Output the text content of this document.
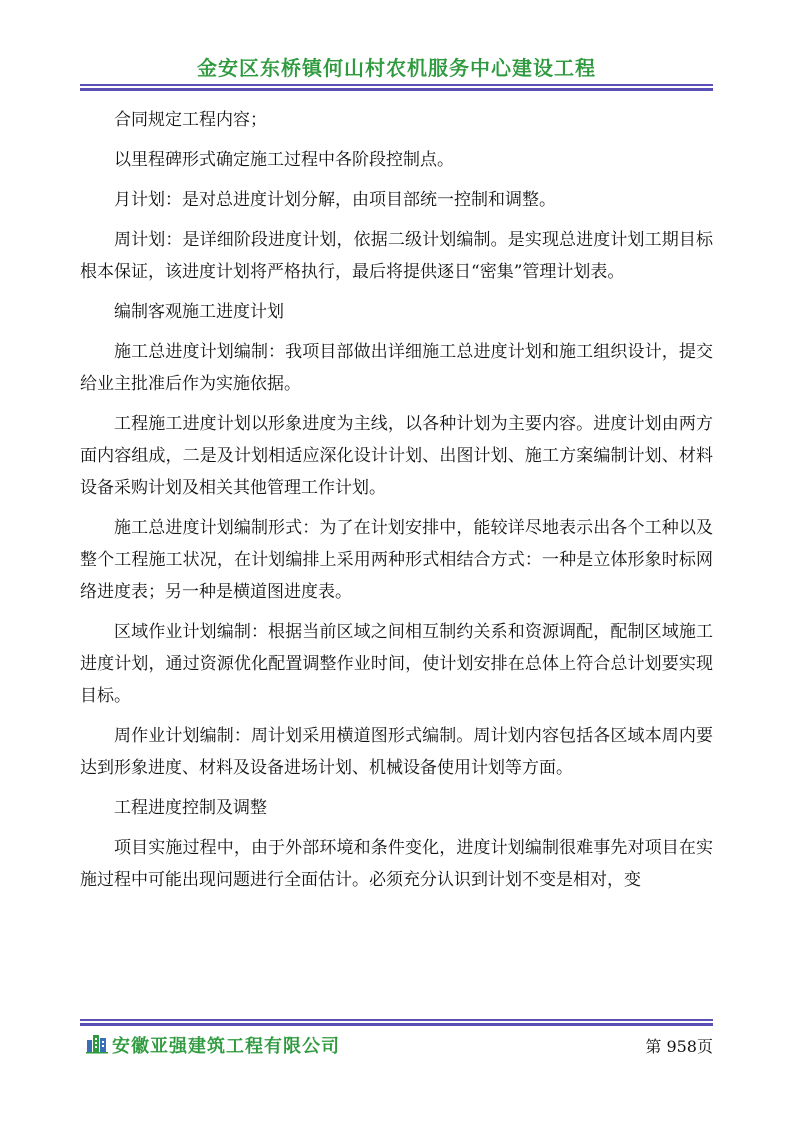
金安区东桥镇何山村农机服务中心建设工程

合同规定工程内容；

以里程碑形式确定施工过程中各阶段控制点。

月计划：是对总进度计划分解，由项目部统一控制和调整。

周计划：是详细阶段进度计划，依据二级计划编制。是实现总进度计划工期目标根本保证，该进度计划将严格执行，最后将提供逐日“密集”管理计划表。

编制客观施工进度计划

施工总进度计划编制：我项目部做出详细施工总进度计划和施工组织设计，提交给业主批准后作为实施依据。

工程施工进度计划以形象进度为主线，以各种计划为主要内容。进度计划由两方面内容组成，二是及计划相适应深化设计计划、出图计划、施工方案编制计划、材料设备采购计划及相关其他管理工作计划。

施工总进度计划编制形式：为了在计划安排中，能较详尽地表示出各个工种以及整个工程施工状况，在计划编排上采用两种形式相结合方式：一种是立体形象时标网络进度表；另一种是横道图进度表。

区域作业计划编制：根据当前区域之间相互制约关系和资源调配，配制区域施工进度计划，通过资源优化配置调整作业时间，使计划安排在总体上符合总计划要实现目标。

周作业计划编制：周计划采用横道图形式编制。周计划内容包括各区域本周内要达到形象进度、材料及设备进场计划、机械设备使用计划等方面。

工程进度控制及调整

项目实施过程中，由于外部环境和条件变化，进度计划编制很难事先对项目在实施过程中可能出现问题进行全面估计。必须充分认识到计划不变是相对，变

安徽亚强建筑工程有限公司	第 958页
